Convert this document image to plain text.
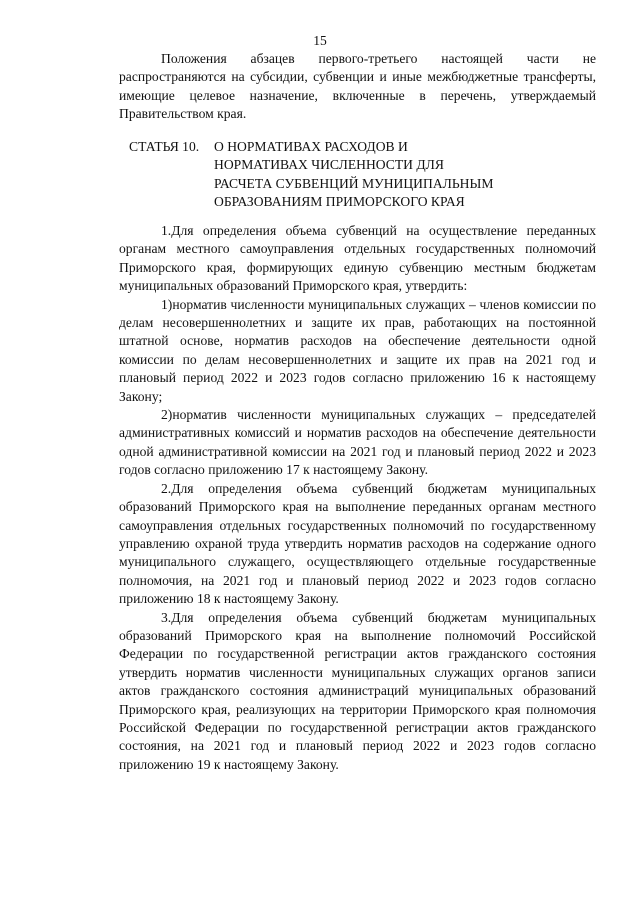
15

Положения абзацев первого-третьего настоящей части не распространяются на субсидии, субвенции и иные межбюджетные трансферты, имеющие целевое назначение, включенные в перечень, утверждаемый Правительством края.

СТАТЬЯ 10.	О НОРМАТИВАХ РАСХОДОВ И
НОРМАТИВАХ ЧИСЛЕННОСТИ ДЛЯ
РАСЧЕТА СУБВЕНЦИЙ МУНИЦИПАЛЬНЫМ
ОБРАЗОВАНИЯМ ПРИМОРСКОГО КРАЯ

1.Для определения объема субвенций на осуществление переданных органам местного самоуправления отдельных государственных полномочий Приморского края, формирующих единую субвенцию местным бюджетам муниципальных образований Приморского края, утвердить:

1)норматив численности муниципальных служащих – членов комиссии по делам несовершеннолетних и защите их прав, работающих на постоянной штатной основе, норматив расходов на обеспечение деятельности одной комиссии по делам несовершеннолетних и защите их прав на 2021 год и плановый период 2022 и 2023 годов согласно приложению 16 к настоящему Закону;

2)норматив численности муниципальных служащих – председателей административных комиссий и норматив расходов на обеспечение деятельности одной административной комиссии на 2021 год и плановый период 2022 и 2023 годов согласно приложению 17 к настоящему Закону.

2.Для определения объема субвенций бюджетам муниципальных образований Приморского края на выполнение переданных органам местного самоуправления отдельных государственных полномочий по государственному управлению охраной труда утвердить норматив расходов на содержание одного муниципального служащего, осуществляющего отдельные государственные полномочия, на 2021 год и плановый период 2022 и 2023 годов согласно приложению 18 к настоящему Закону.

3.Для определения объема субвенций бюджетам муниципальных образований Приморского края на выполнение полномочий Российской Федерации по государственной регистрации актов гражданского состояния утвердить норматив численности муниципальных служащих органов записи актов гражданского состояния администраций муниципальных образований Приморского края, реализующих на территории Приморского края полномочия Российской Федерации по государственной регистрации актов гражданского состояния, на 2021 год и плановый период 2022 и 2023 годов согласно приложению 19 к настоящему Закону.
